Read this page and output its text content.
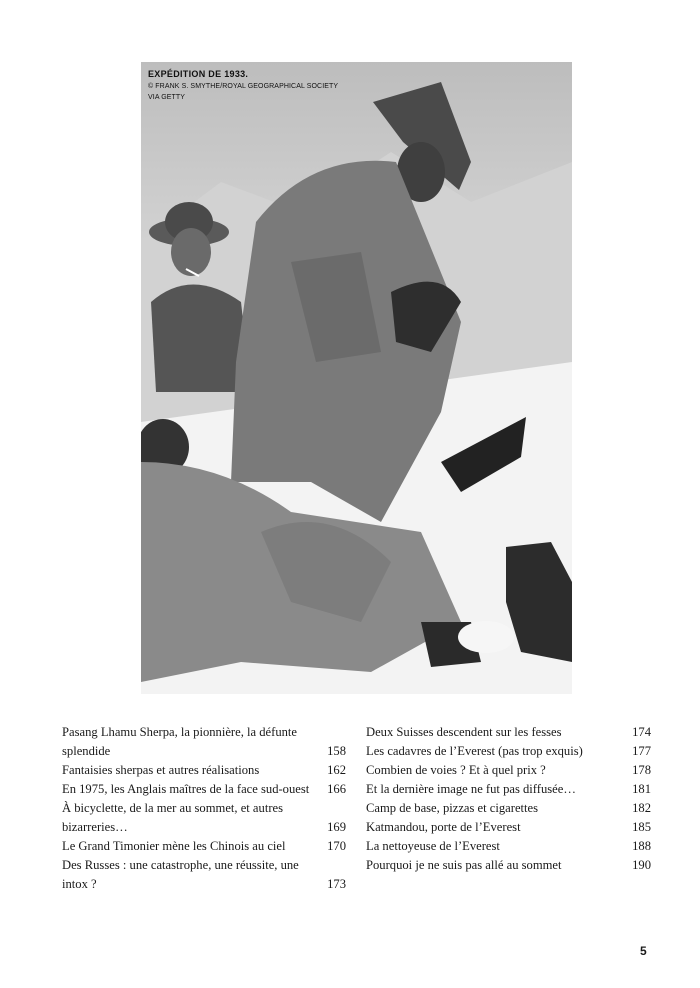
EXPÉDITION DE 1933.
© FRANK S. SMYTHE/ROYAL GEOGRAPHICAL SOCIETY VIA GETTY
Pasang Lhamu Sherpa, la pionnière, la défunte splendide	158
Fantaisies sherpas et autres réalisations	162
En 1975, les Anglais maîtres de la face sud-ouest	166
À bicyclette, de la mer au sommet, et autres bizarreries…	169
Le Grand Timonier mène les Chinois au ciel	170
Des Russes : une catastrophe, une réussite, une intox ?	173
Deux Suisses descendent sur les fesses	174
Les cadavres de l’Everest (pas trop exquis)	177
Combien de voies ? Et à quel prix ?	178
Et la dernière image ne fut pas diffusée…	181
Camp de base, pizzas et cigarettes	182
Katmandou, porte de l’Everest	185
La nettoyeuse de l’Everest	188
Pourquoi je ne suis pas allé au sommet	190
5
